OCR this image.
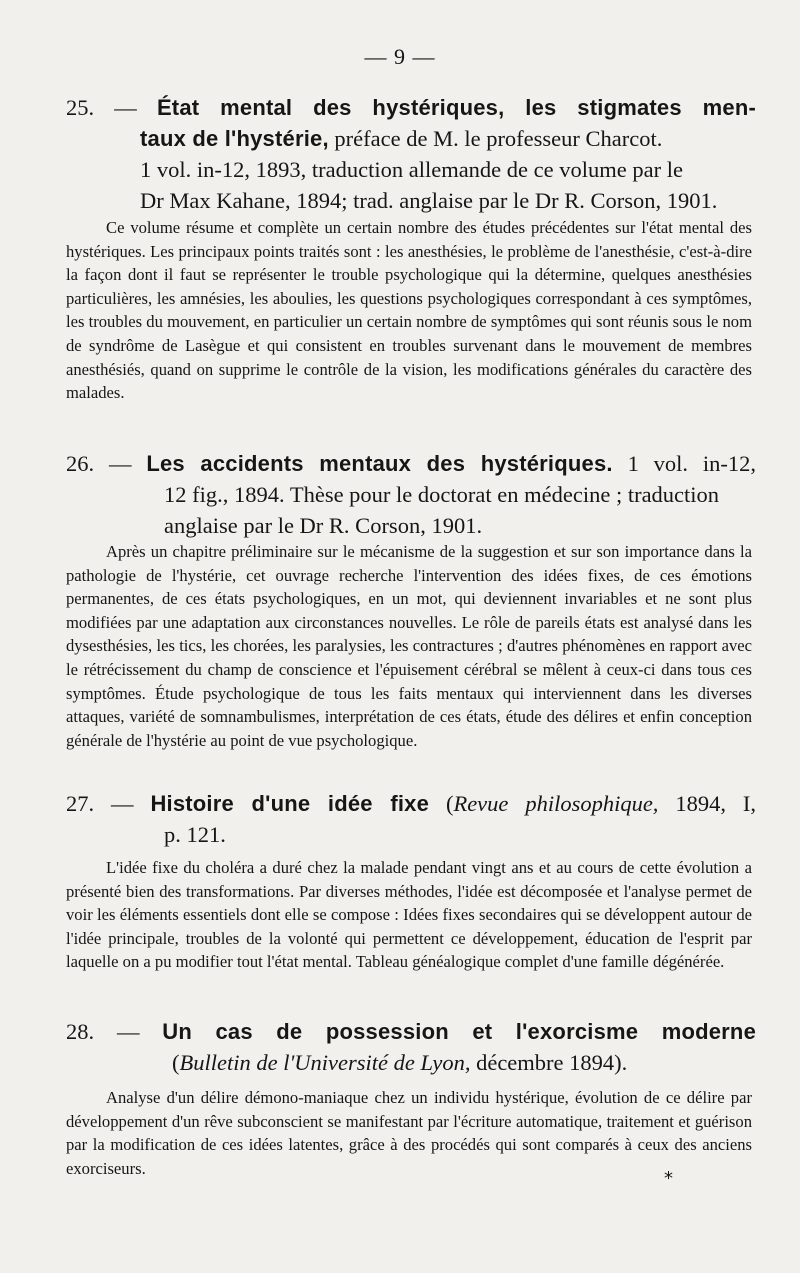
— 9 —
25. — État mental des hystériques, les stigmates men-
taux de l'hystérie, préface de M. le professeur Charcot.
1 vol. in-12, 1893, traduction allemande de ce volume par le
Dr Max Kahane, 1894; trad. anglaise par le Dr R. Corson, 1901.
Ce volume résume et complète un certain nombre des études précédentes sur l'état mental des hystériques. Les principaux points traités sont : les anesthésies, le problème de l'anesthésie, c'est-à-dire la façon dont il faut se représenter le trouble psychologique qui la détermine, quelques anesthésies particulières, les amnésies, les aboulies, les questions psychologiques correspondant à ces symptômes, les troubles du mouvement, en particulier un certain nombre de symptômes qui sont réunis sous le nom de syndrôme de Lasègue et qui consistent en troubles survenant dans le mouvement de membres anesthésiés, quand on supprime le contrôle de la vision, les modifications générales du caractère des malades.
26. — Les accidents mentaux des hystériques. 1 vol. in-12,
12 fig., 1894. Thèse pour le doctorat en médecine ; traduction
anglaise par le Dr R. Corson, 1901.
Après un chapitre préliminaire sur le mécanisme de la suggestion et sur son importance dans la pathologie de l'hystérie, cet ouvrage recherche l'intervention des idées fixes, de ces émotions permanentes, de ces états psychologiques, en un mot, qui deviennent invariables et ne sont plus modifiées par une adaptation aux circonstances nouvelles. Le rôle de pareils états est analysé dans les dysesthésies, les tics, les chorées, les paralysies, les contractures ; d'autres phénomènes en rapport avec le rétrécissement du champ de conscience et l'épuisement cérébral se mêlent à ceux-ci dans tous ces symptômes. Étude psychologique de tous les faits mentaux qui interviennent dans les diverses attaques, variété de somnambulismes, interprétation de ces états, étude des délires et enfin conception générale de l'hystérie au point de vue psychologique.
27. — Histoire d'une idée fixe (Revue philosophique, 1894, I,
p. 121.
L'idée fixe du choléra a duré chez la malade pendant vingt ans et au cours de cette évolution a présenté bien des transformations. Par diverses méthodes, l'idée est décomposée et l'analyse permet de voir les éléments essentiels dont elle se compose : Idées fixes secondaires qui se développent autour de l'idée principale, troubles de la volonté qui permettent ce développement, éducation de l'esprit par laquelle on a pu modifier tout l'état mental. Tableau généalogique complet d'une famille dégénérée.
28. — Un cas de possession et l'exorcisme moderne
(Bulletin de l'Université de Lyon, décembre 1894).
Analyse d'un délire démono-maniaque chez un individu hystérique, évolution de ce délire par développement d'un rêve subconscient se manifestant par l'écriture automatique, traitement et guérison par la modification de ces idées latentes, grâce à des procédés qui sont comparés à ceux des anciens exorciseurs.	*
